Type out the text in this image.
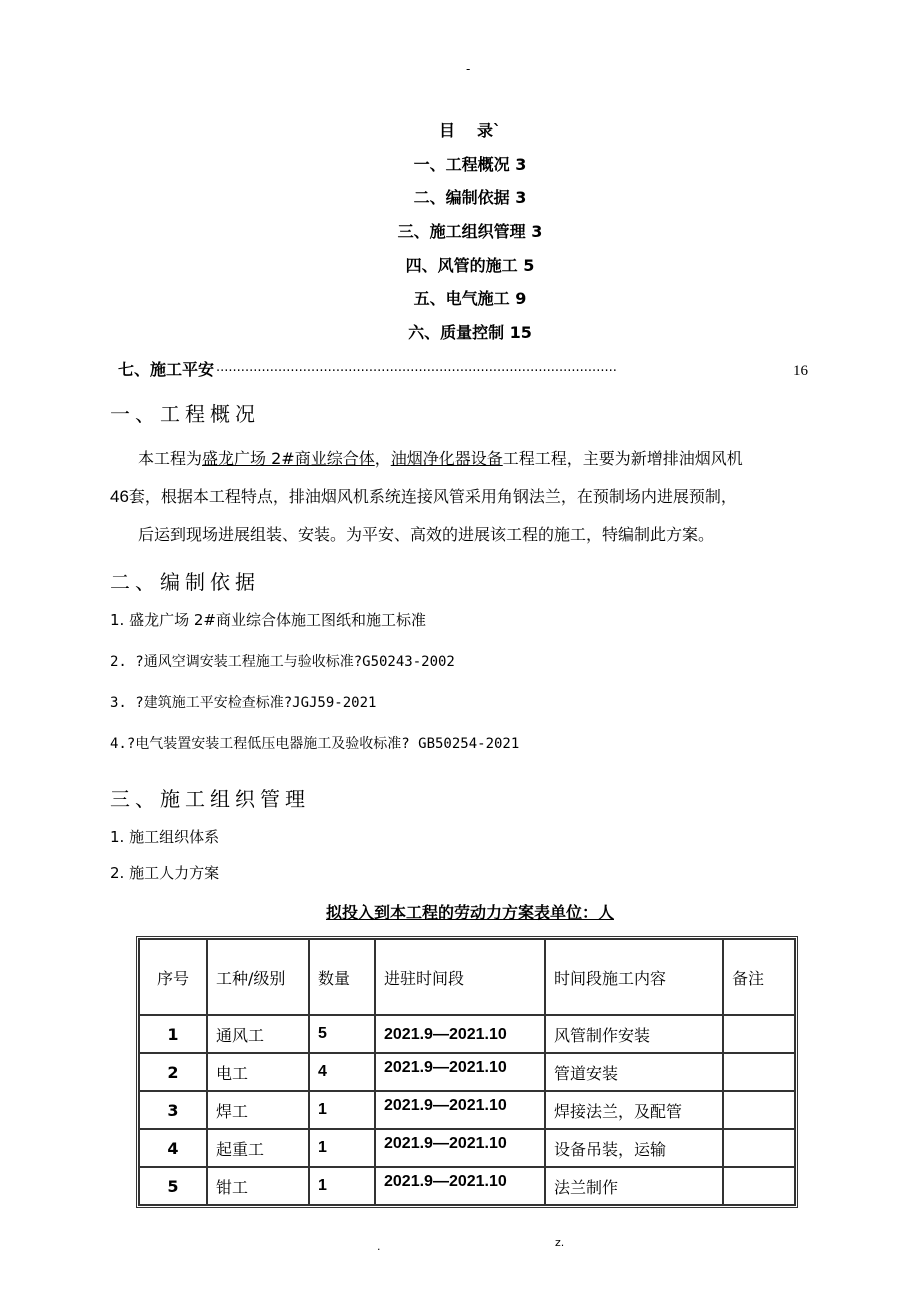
-
目 录`
一、工程概况 3
二、编制依据 3
三、施工组织管理 3
四、风管的施工 5
五、电气施工 9
六、质量控制 15
七、施工平安 ·································································································	16
一、工程概况

本工程为盛龙广场 2#商业综合体，油烟净化器设备工程工程，主要为新增排油烟风机

46套，根据本工程特点，排油烟风机系统连接风管采用角钢法兰，在预制场内进展预制，

后运到现场进展组装、安装。为平安、高效的进展该工程的施工，特编制此方案。

二、编制依据
1. 盛龙广场 2#商业综合体施工图纸和施工标准
2. ?通风空调安装工程施工与验收标准?G50243-2002
3. ?建筑施工平安检查标准?JGJ59-2021
4.?电气装置安装工程低压电器施工及验收标准? GB50254-2021
三、施工组织管理
1. 施工组织体系
2. 施工人力方案
拟投入到本工程的劳动力方案表单位：人
序号	工种/级别	数量	进驻时间段	时间段施工内容	备注
1	通风工	5	2021.9—2021.10	风管制作安装	
2	电工	4	2021.9—2021.10	管道安装	
3	焊工	1	2021.9—2021.10	焊接法兰，及配管	
4	起重工	1	2021.9—2021.10	设备吊装，运输	
5	钳工	1	2021.9—2021.10	法兰制作	
.	z.
